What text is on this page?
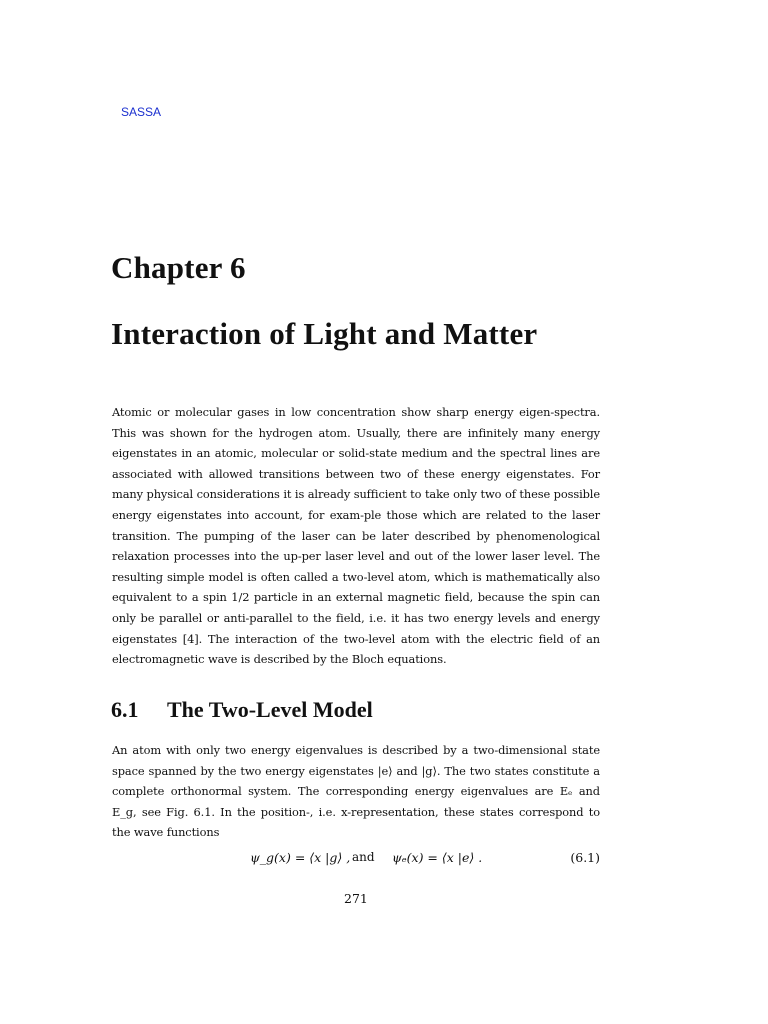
SASSA
Chapter 6
Interaction of Light and Matter
Atomic or molecular gases in low concentration show sharp energy eigen-spectra. This was shown for the hydrogen atom. Usually, there are infinitely many energy eigenstates in an atomic, molecular or solid-state medium and the spectral lines are associated with allowed transitions between two of these energy eigenstates. For many physical considerations it is already sufficient to take only two of these possible energy eigenstates into account, for exam-ple those which are related to the laser transition. The pumping of the laser can be later described by phenomenological relaxation processes into the up-per laser level and out of the lower laser level. The resulting simple model is often called a two-level atom, which is mathematically also equivalent to a spin 1/2 particle in an external magnetic field, because the spin can only be parallel or anti-parallel to the field, i.e. it has two energy levels and energy eigenstates [4]. The interaction of the two-level atom with the electric field of an electromagnetic wave is described by the Bloch equations.
6.1 The Two-Level Model
An atom with only two energy eigenvalues is described by a two-dimensional state space spanned by the two energy eigenstates |e⟩ and |g⟩. The two states constitute a complete orthonormal system. The corresponding energy eigenvalues are Eₑ and E_g, see Fig. 6.1. In the position-, i.e. x-representation, these states correspond to the wave functions
ψ_g(x) = ⟨x |g⟩ , and ψₑ(x) = ⟨x |e⟩ .	(6.1)
271
